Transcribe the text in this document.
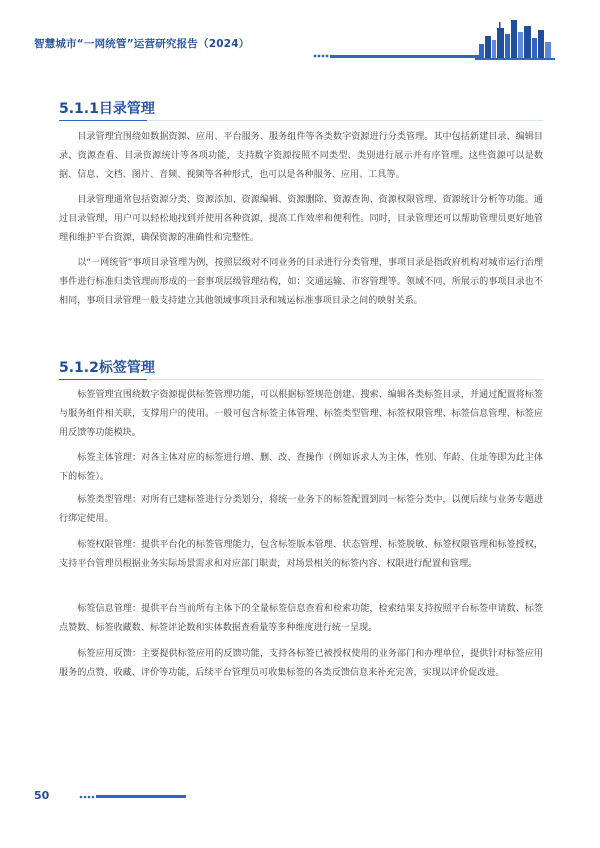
智慧城市“一网统管”运营研究报告（2024）
5.1.1目录管理

目录管理宜围绕如数据资源、应用、平台服务、服务组件等各类数字资源进行分类管理。其中包括新建目录、编辑目录、资源查看、目录资源统计等各项功能，支持数字资源按照不同类型、类别进行展示并有序管理。这些资源可以是数据、信息、文档、图片、音频、视频等各种形式，也可以是各种服务、应用、工具等。

目录管理通常包括资源分类、资源添加、资源编辑、资源删除、资源查询、资源权限管理、资源统计分析等功能。通过目录管理，用户可以轻松地找到并使用各种资源，提高工作效率和便利性。同时，目录管理还可以帮助管理员更好地管理和维护平台资源，确保资源的准确性和完整性。

以“一网统管”事项目录管理为例，按照层级对不同业务的目录进行分类管理，事项目录是指政府机构对城市运行治理事件进行标准归类管理而形成的一套事项层级管理结构，如：交通运输、市容管理等。领域不同，所展示的事项目录也不相同，事项目录管理一般支持建立其他领域事项目录和城运标准事项目录之间的映射关系。

5.1.2标签管理

标签管理宜围绕数字资源提供标签管理功能，可以根据标签规范创建、搜索、编辑各类标签目录，并通过配置将标签与服务组件相关联，支撑用户的使用。一般可包含标签主体管理、标签类型管理、标签权限管理、标签信息管理、标签应用反馈等功能模块。

标签主体管理：对各主体对应的标签进行增、删、改、查操作（例如诉求人为主体，性别、年龄、住址等即为此主体下的标签）。

标签类型管理：对所有已建标签进行分类划分，将统一业务下的标签配置到同一标签分类中，以便后续与业务专题进行绑定使用。

标签权限管理：提供平台化的标签管理能力，包含标签版本管理、状态管理、标签脱敏、标签权限管理和标签授权，支持平台管理员根据业务实际场景需求和对应部门职责，对场景相关的标签内容、权限进行配置和管理。

标签信息管理：提供平台当前所有主体下的全量标签信息查看和检索功能，检索结果支持按照平台标签申请数、标签点赞数、标签收藏数、标签评论数和实体数据查看量等多种维度进行统一呈现。

标签应用反馈：主要提供标签应用的反馈功能，支持各标签已被授权使用的业务部门和办理单位，提供针对标签应用服务的点赞、收藏、评价等功能，后续平台管理员可收集标签的各类反馈信息来补充完善，实现以评价促改进。

50
